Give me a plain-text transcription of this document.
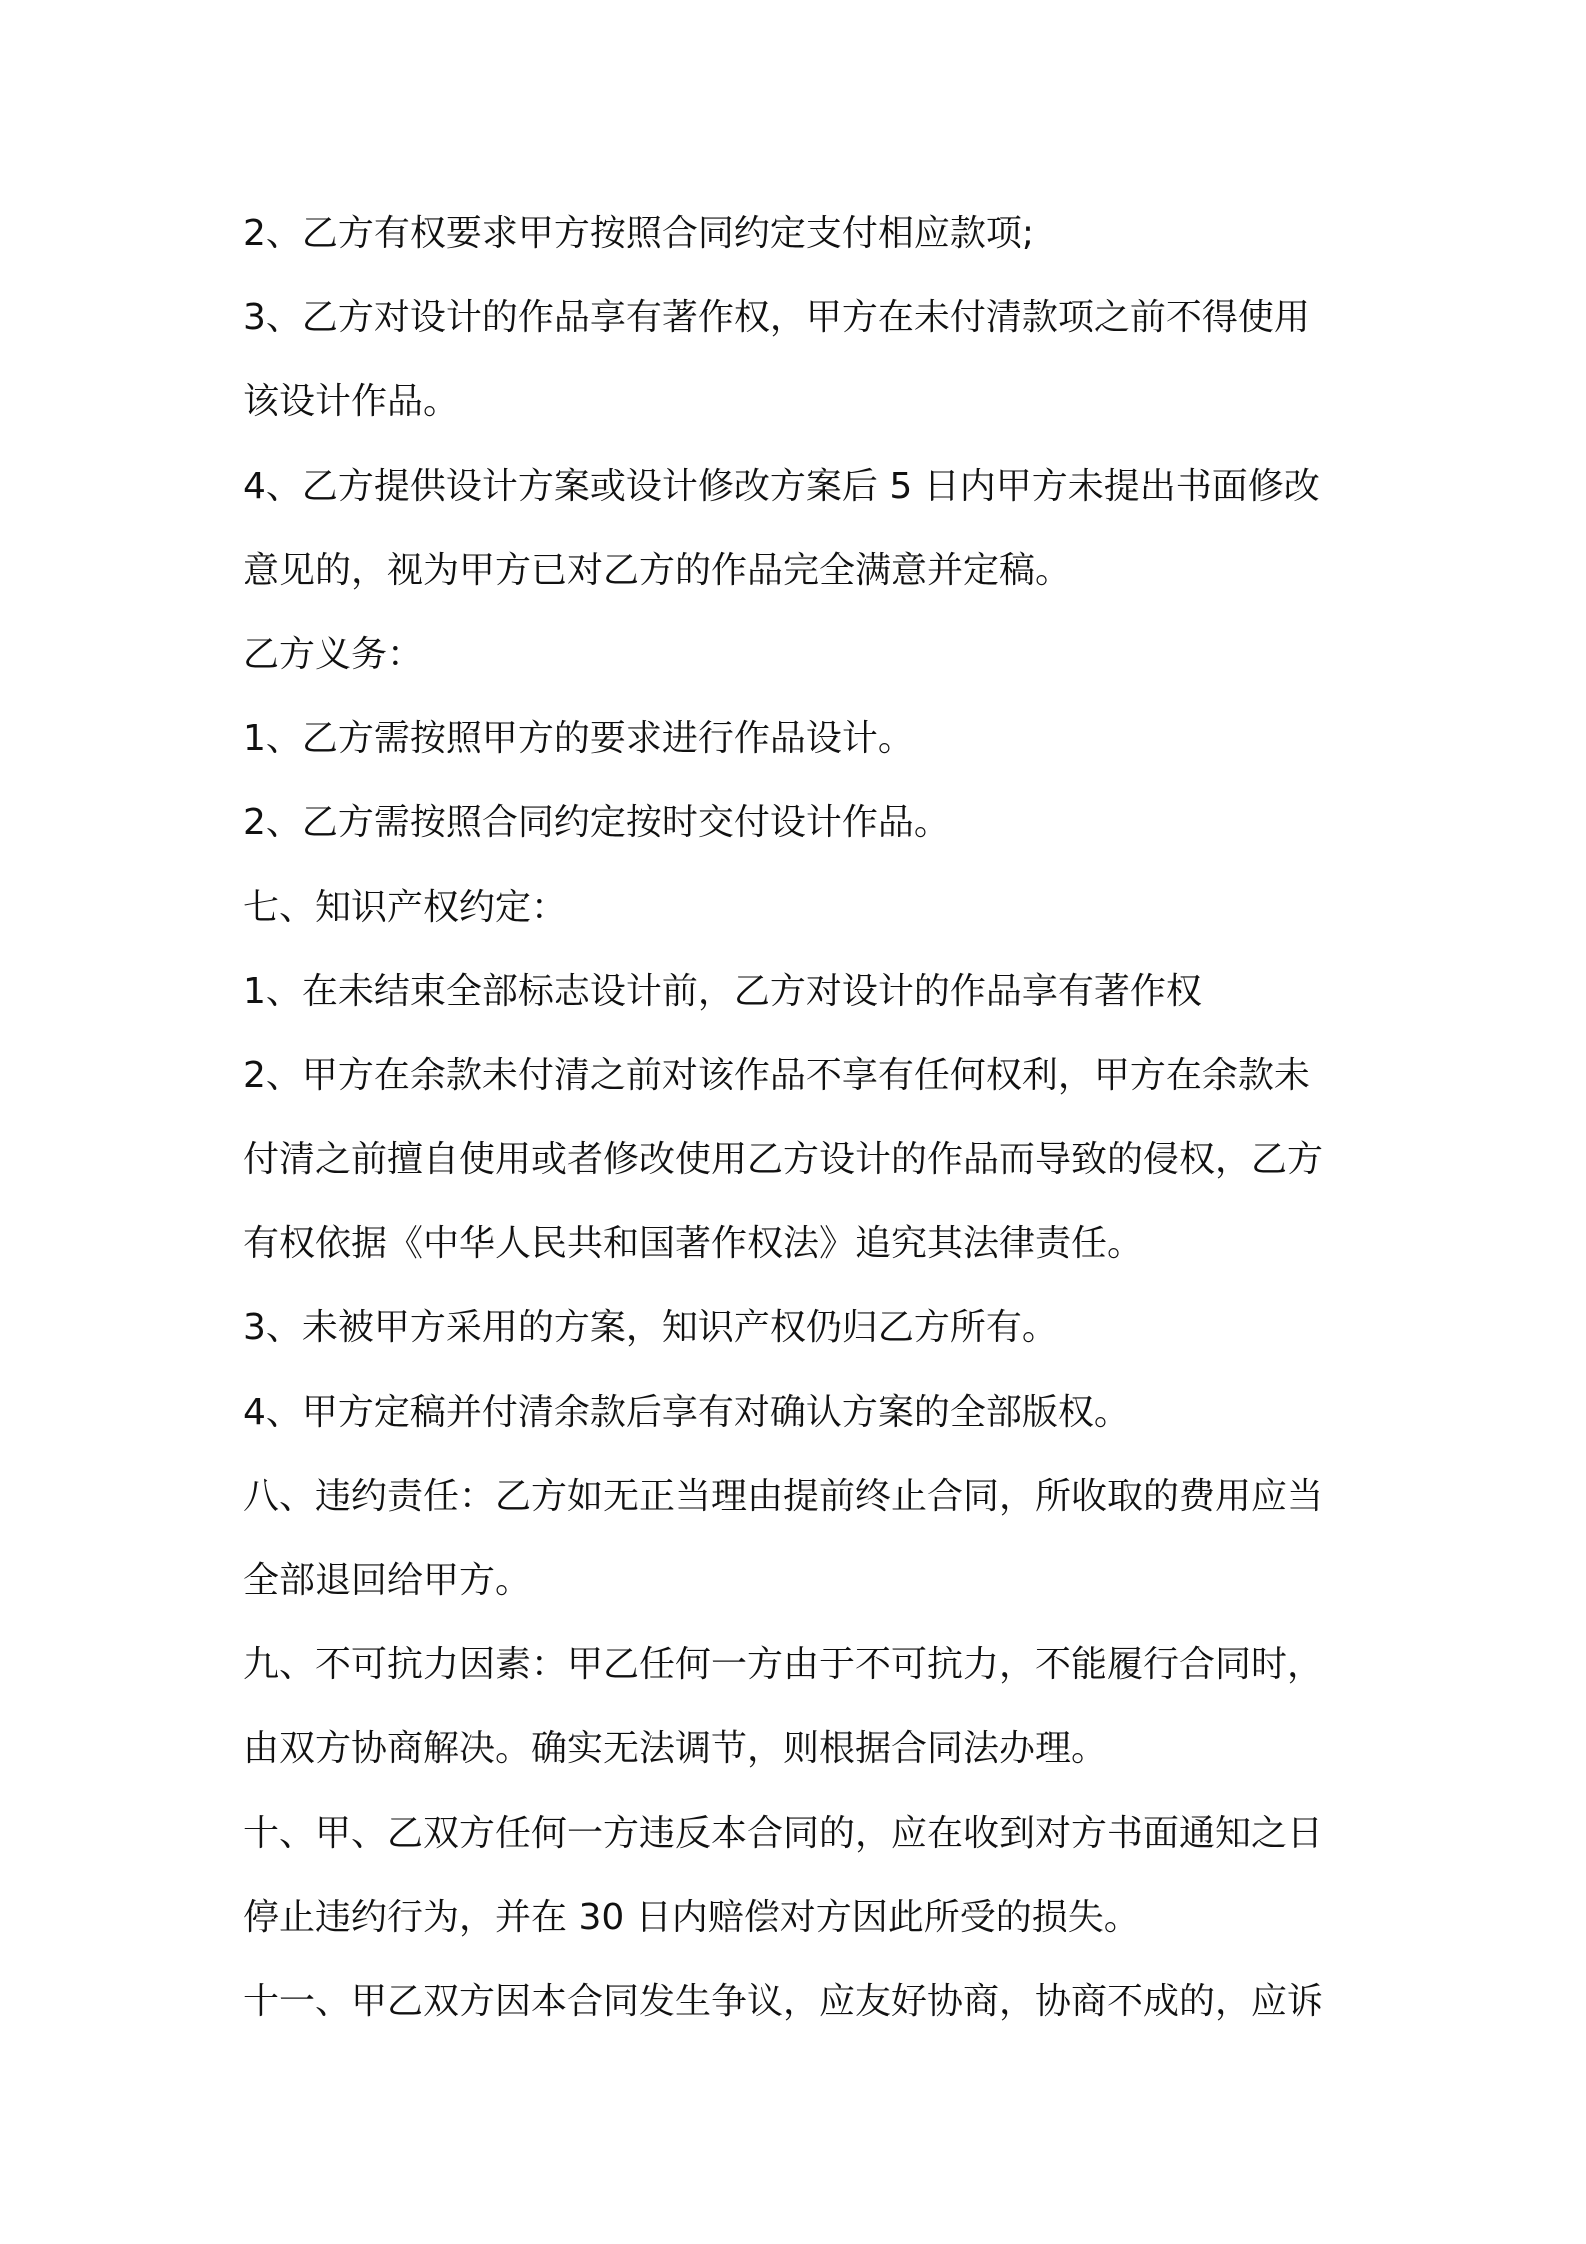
2、乙方有权要求甲方按照合同约定支付相应款项;
3、乙方对设计的作品享有著作权，甲方在未付清款项之前不得使用
该设计作品。
4、乙方提供设计方案或设计修改方案后 5 日内甲方未提出书面修改
意见的，视为甲方已对乙方的作品完全满意并定稿。
乙方义务：
1、乙方需按照甲方的要求进行作品设计。
2、乙方需按照合同约定按时交付设计作品。
七、知识产权约定：
1、在未结束全部标志设计前，乙方对设计的作品享有著作权
2、甲方在余款未付清之前对该作品不享有任何权利，甲方在余款未
付清之前擅自使用或者修改使用乙方设计的作品而导致的侵权，乙方
有权依据《中华人民共和国著作权法》追究其法律责任。
3、未被甲方采用的方案，知识产权仍归乙方所有。
4、甲方定稿并付清余款后享有对确认方案的全部版权。
八、违约责任：乙方如无正当理由提前终止合同，所收取的费用应当
全部退回给甲方。
九、不可抗力因素：甲乙任何一方由于不可抗力，不能履行合同时，
由双方协商解决。确实无法调节，则根据合同法办理。
十、甲、乙双方任何一方违反本合同的，应在收到对方书面通知之日
停止违约行为，并在 30 日内赔偿对方因此所受的损失。
十一、甲乙双方因本合同发生争议，应友好协商，协商不成的，应诉
